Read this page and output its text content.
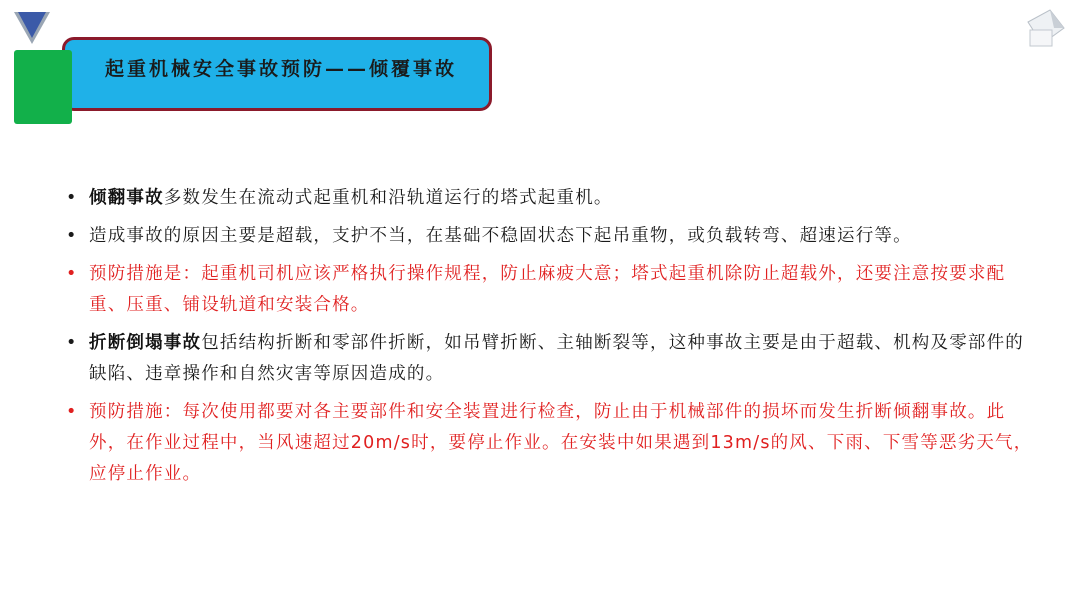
起重机械安全事故预防——倾覆事故
• 倾翻事故多数发生在流动式起重机和沿轨道运行的塔式起重机。
• 造成事故的原因主要是超载，支护不当，在基础不稳固状态下起吊重物，或负载转弯、超速运行等。
• 预防措施是：起重机司机应该严格执行操作规程，防止麻疲大意；塔式起重机除防止超载外，还要注意按要求配重、压重、铺设轨道和安装合格。
• 折断倒塌事故包括结构折断和零部件折断，如吊臂折断、主轴断裂等，这种事故主要是由于超载、机构及零部件的缺陷、违章操作和自然灾害等原因造成的。
• 预防措施：每次使用都要对各主要部件和安全装置进行检查，防止由于机械部件的损坏而发生折断倾翻事故。此外，在作业过程中，当风速超过20m/s时，要停止作业。在安装中如果遇到13m/s的风、下雨、下雪等恶劣天气，应停止作业。
